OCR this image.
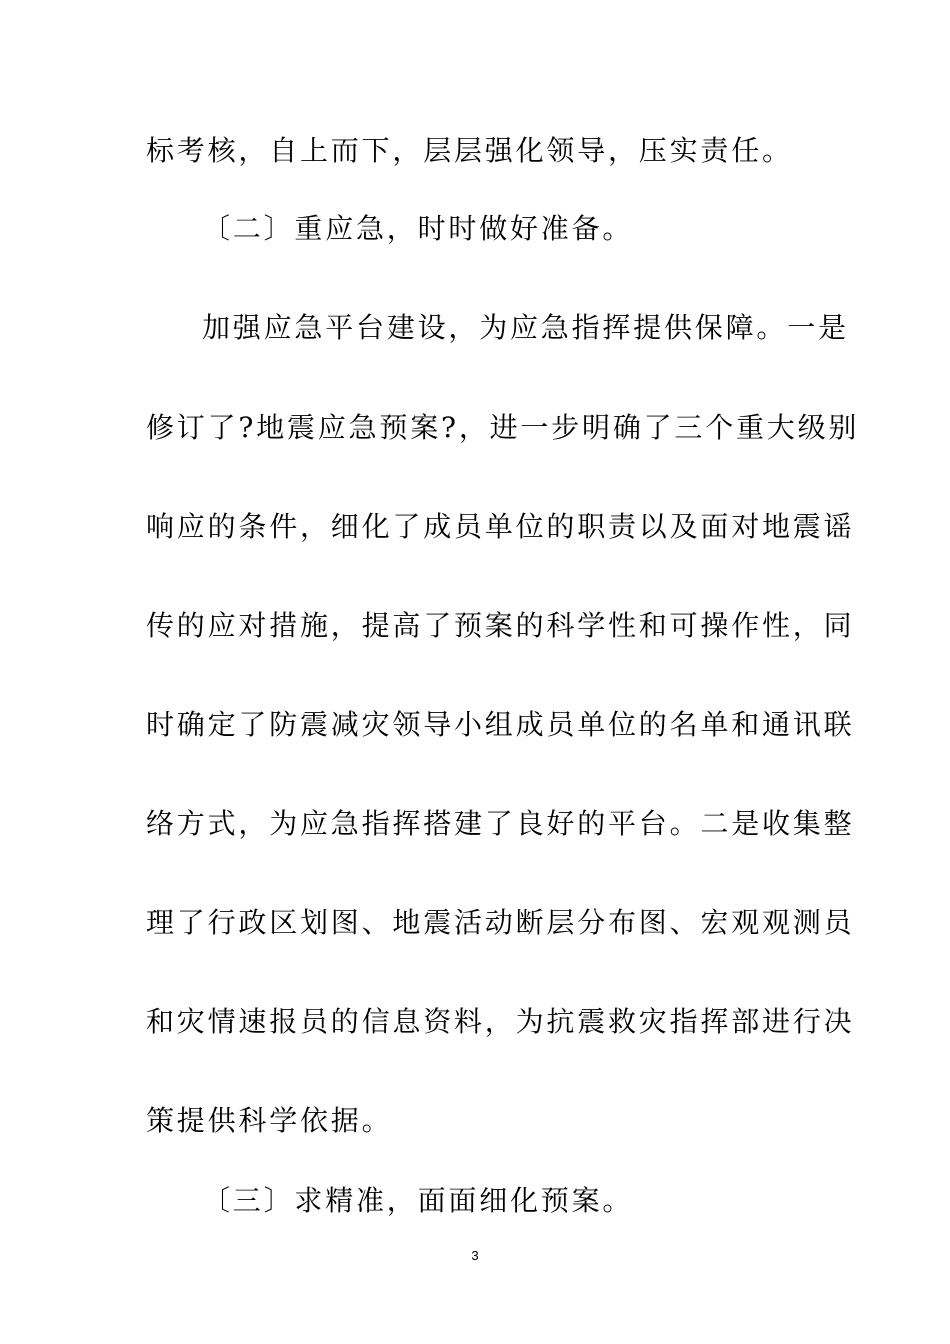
标考核，自上而下，层层强化领导，压实责任。
〔二〕重应急，时时做好准备。
加强应急平台建设，为应急指挥提供保障。一是
修订了?地震应急预案?，进一步明确了三个重大级别
响应的条件，细化了成员单位的职责以及面对地震谣
传的应对措施，提高了预案的科学性和可操作性，同
时确定了防震减灾领导小组成员单位的名单和通讯联
络方式，为应急指挥搭建了良好的平台。二是收集整
理了行政区划图、地震活动断层分布图、宏观观测员
和灾情速报员的信息资料，为抗震救灾指挥部进行决
策提供科学依据。
〔三〕求精准，面面细化预案。
3
